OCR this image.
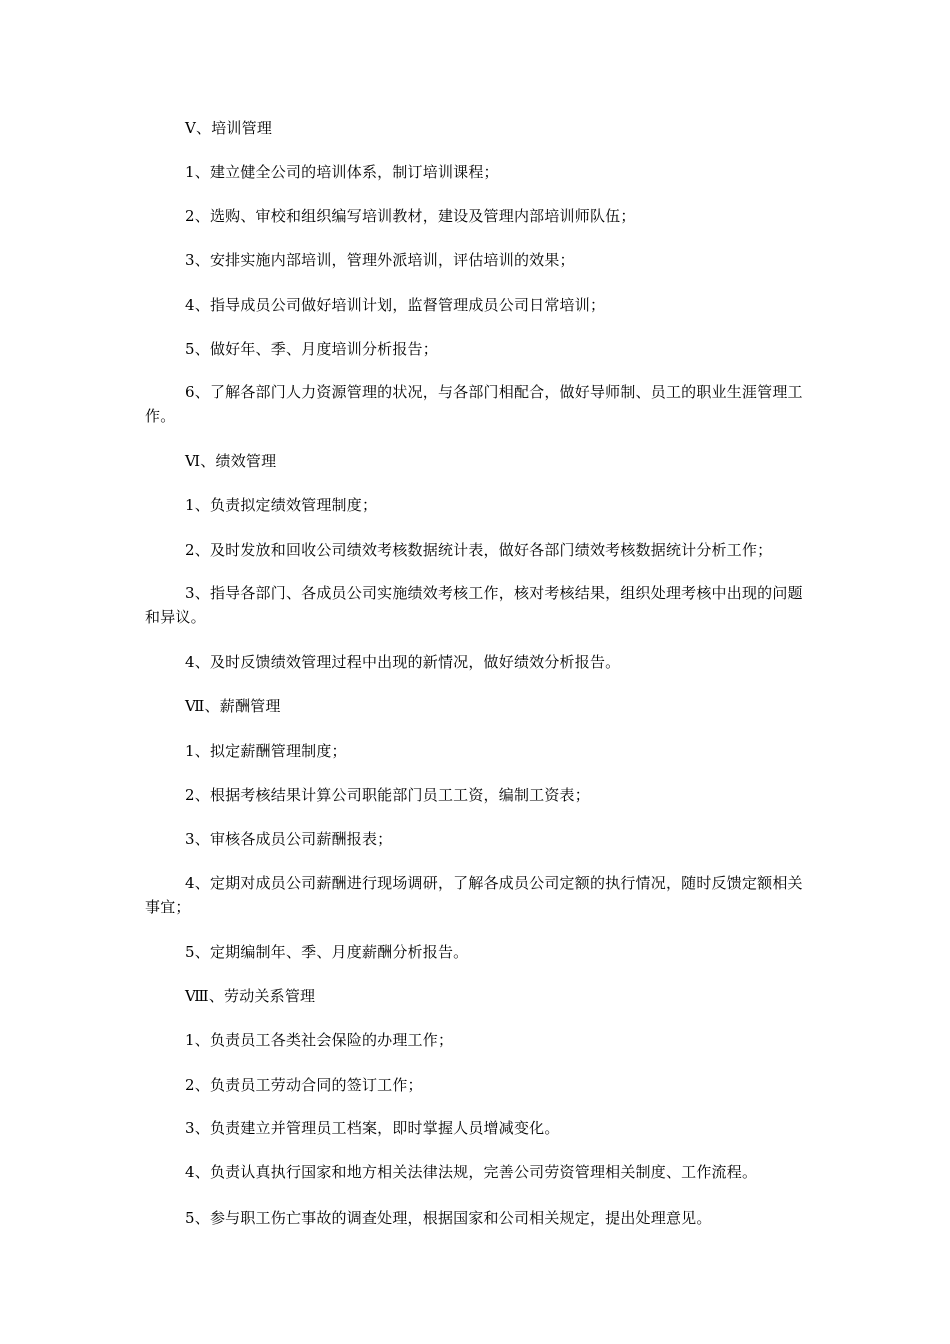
Ⅴ、培训管理

1、建立健全公司的培训体系，制订培训课程；

2、选购、审校和组织编写培训教材，建设及管理内部培训师队伍；

3、安排实施内部培训，管理外派培训，评估培训的效果；

4、指导成员公司做好培训计划，监督管理成员公司日常培训；

5、做好年、季、月度培训分析报告；

6、了解各部门人力资源管理的状况，与各部门相配合，做好导师制、员工的职业生涯管理工作。

Ⅵ、绩效管理

1、负责拟定绩效管理制度；

2、及时发放和回收公司绩效考核数据统计表，做好各部门绩效考核数据统计分析工作；

3、指导各部门、各成员公司实施绩效考核工作，核对考核结果，组织处理考核中出现的问题和异议。

4、及时反馈绩效管理过程中出现的新情况，做好绩效分析报告。

Ⅶ、薪酬管理

1、拟定薪酬管理制度；

2、根据考核结果计算公司职能部门员工工资，编制工资表；

3、审核各成员公司薪酬报表；

4、定期对成员公司薪酬进行现场调研，了解各成员公司定额的执行情况，随时反馈定额相关事宜；

5、定期编制年、季、月度薪酬分析报告。

Ⅷ、劳动关系管理

1、负责员工各类社会保险的办理工作；

2、负责员工劳动合同的签订工作；

3、负责建立并管理员工档案，即时掌握人员增减变化。

4、负责认真执行国家和地方相关法律法规，完善公司劳资管理相关制度、工作流程。

5、参与职工伤亡事故的调查处理，根据国家和公司相关规定，提出处理意见。
